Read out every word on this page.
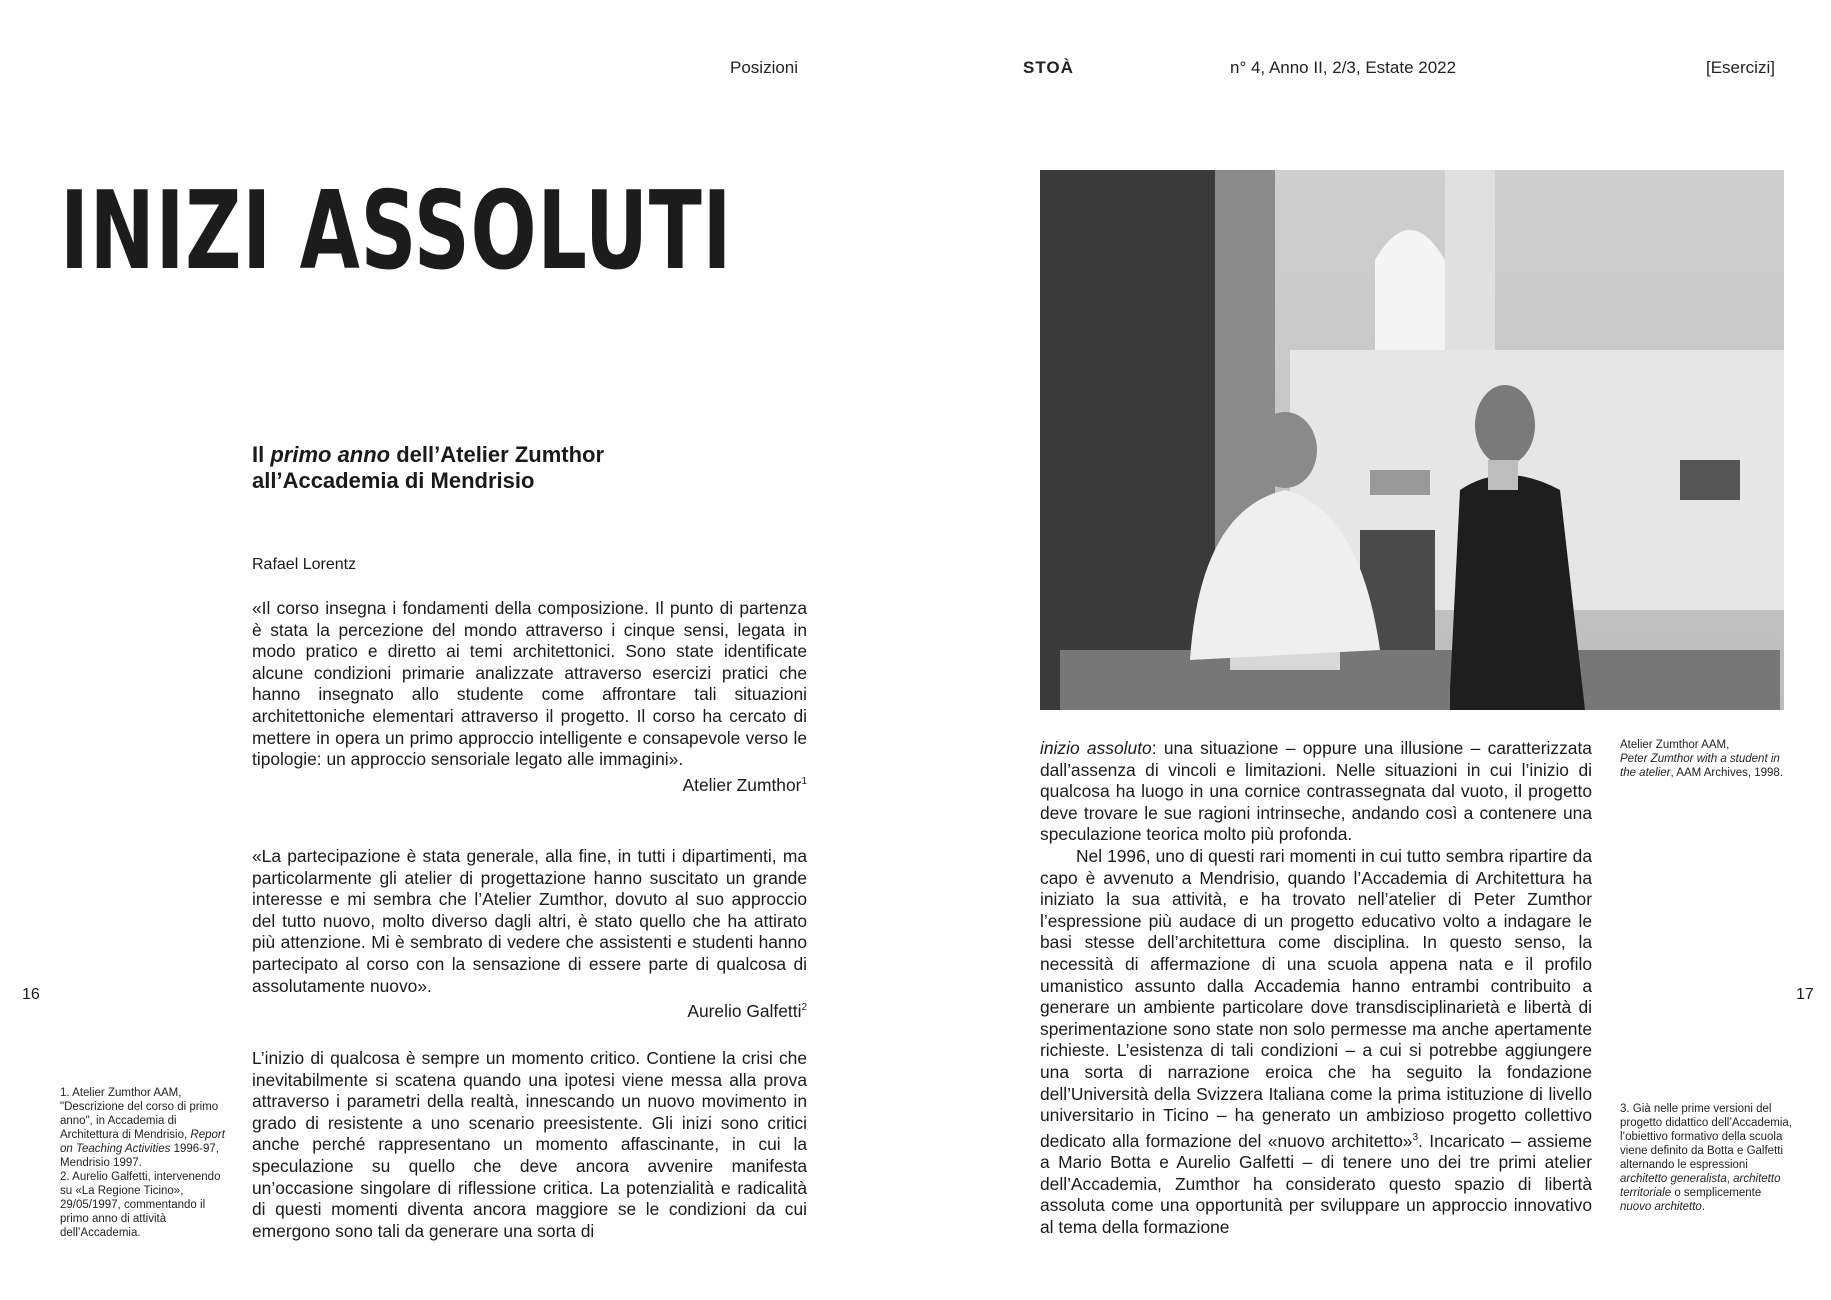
Posizioni	STOÀ	n° 4, Anno II, 2/3, Estate 2022	[Esercizi]
INIZI ASSOLUTI
Il primo anno dell’Atelier Zumthor
all’Accademia di Mendrisio
Rafael Lorentz

«Il corso insegna i fondamenti della composizione. Il punto di partenza è stata la percezione del mondo attraverso i cinque sensi, legata in modo pratico e diretto ai temi architettonici. Sono state identificate alcune condizioni primarie analizzate attraverso esercizi pratici che hanno insegnato allo studente come affrontare tali situazioni architettoniche elementari attraverso il progetto. Il corso ha cercato di mettere in opera un primo approccio intelligente e consapevole verso le tipologie: un approccio sensoriale legato alle immagini».

Atelier Zumthor$^1$

«La partecipazione è stata generale, alla fine, in tutti i dipartimenti, ma particolarmente gli atelier di progettazione hanno suscitato un grande interesse e mi sembra che l’Atelier Zumthor, dovuto al suo approccio del tutto nuovo, molto diverso dagli altri, è stato quello che ha attirato più attenzione. Mi è sembrato di vedere che assistenti e studenti hanno partecipato al corso con la sensazione di essere parte di qualcosa di assolutamente nuovo».

Aurelio Galfetti$^2$

L’inizio di qualcosa è sempre un momento critico. Contiene la crisi che inevitabilmente si scatena quando una ipotesi viene messa alla prova attraverso i parametri della realtà, innescando un nuovo movimento in grado di resistente a uno scenario preesistente. Gli inizi sono critici anche perché rappresentano un momento affascinante, in cui la speculazione su quello che deve ancora avvenire manifesta un’occasione singolare di riflessione critica. La potenzialità e radicalità di questi momenti diventa ancora maggiore se le condizioni da cui emergono sono tali da generare una sorta di

16	17
1. Atelier Zumthor AAM, "Descrizione del corso di primo anno", in Accademia di Architettura di Mendrisio, Report on Teaching Activities 1996-97, Mendrisio 1997.
2. Aurelio Galfetti, intervenendo su «La Regione Ticino», 29/05/1997, commentando il primo anno di attività dell’Accademia.
Atelier Zumthor AAM,
Peter Zumthor with a student in the atelier, AAM Archives, 1998.

inizio assoluto: una situazione – oppure una illusione – caratterizzata dall’assenza di vincoli e limitazioni. Nelle situazioni in cui l’inizio di qualcosa ha luogo in una cornice contrassegnata dal vuoto, il progetto deve trovare le sue ragioni intrinseche, andando così a contenere una speculazione teorica molto più profonda.

Nel 1996, uno di questi rari momenti in cui tutto sembra ripartire da capo è avvenuto a Mendrisio, quando l’Accademia di Architettura ha iniziato la sua attività, e ha trovato nell’atelier di Peter Zumthor l’espressione più audace di un progetto educativo volto a indagare le basi stesse dell’architettura come disciplina. In questo senso, la necessità di affermazione di una scuola appena nata e il profilo umanistico assunto dalla Accademia hanno entrambi contribuito a generare un ambiente particolare dove transdisciplinarietà e libertà di sperimentazione sono state non solo permesse ma anche apertamente richieste. L’esistenza di tali condizioni – a cui si potrebbe aggiungere una sorta di narrazione eroica che ha seguito la fondazione dell’Università della Svizzera Italiana come la prima istituzione di livello universitario in Ticino – ha generato un ambizioso progetto collettivo dedicato alla formazione del «nuovo architetto»$^3$. Incaricato – assieme a Mario Botta e Aurelio Galfetti – di tenere uno dei tre primi atelier dell’Accademia, Zumthor ha considerato questo spazio di libertà assoluta come una opportunità per sviluppare un approccio innovativo al tema della formazione

3. Già nelle prime versioni del progetto didattico dell’Accademia, l’obiettivo formativo della scuola viene definito da Botta e Galfetti alternando le espressioni architetto generalista, architetto territoriale o semplicemente nuovo architetto.
